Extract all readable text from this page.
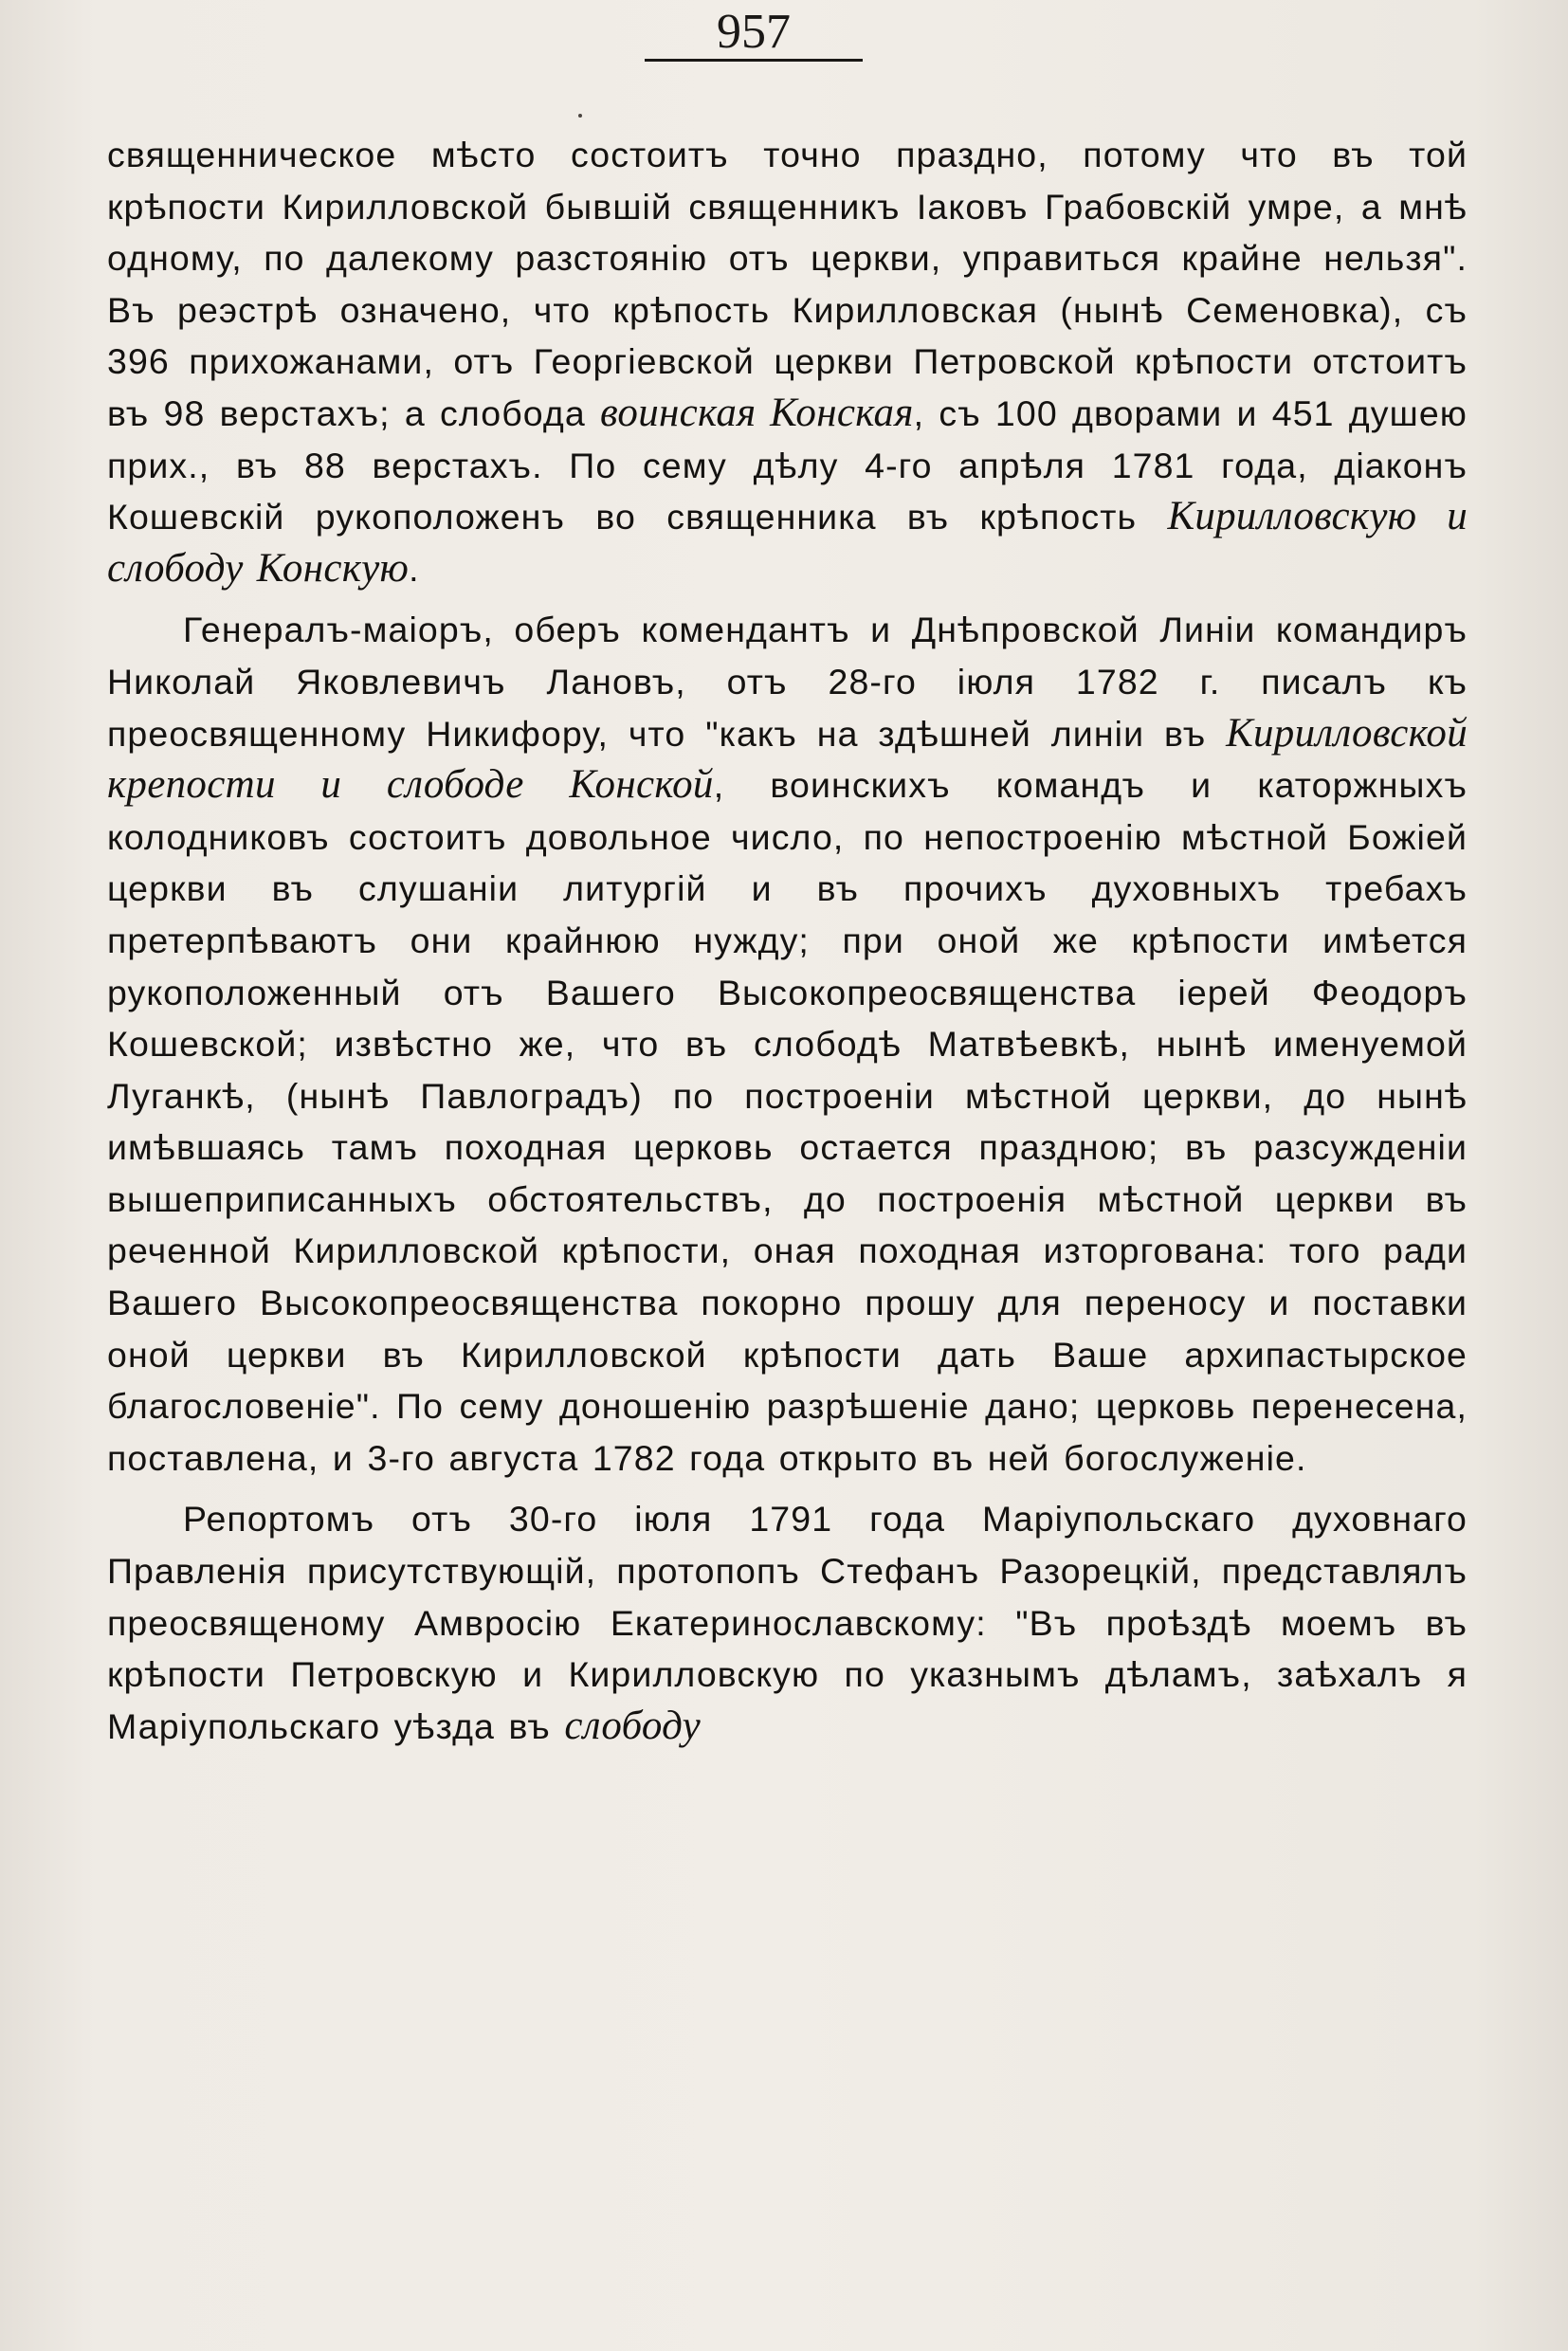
957

священническое мѣсто состоитъ точно праздно, потому что въ той крѣпости Кирилловской бывшій священникъ Іаковъ Грабовскій умре, а мнѣ одному, по далекому разстоянію отъ церкви, управиться крайне нельзя". Въ реэстрѣ означено, что крѣпость Кирилловская (нынѣ Семеновка), съ 396 прихожанами, отъ Георгіевской церкви Петровской крѣпости отстоитъ въ 98 верстахъ; а слобода воинская Конская, съ 100 дворами и 451 душею прих., въ 88 верстахъ. По сему дѣлу 4-го апрѣля 1781 года, діаконъ Кошевскій рукоположенъ во священника въ крѣпость Кирилловскую и слободу Конскую.

Генералъ-маіоръ, оберъ комендантъ и Днѣпровской Линіи командиръ Николай Яковлевичъ Лановъ, отъ 28-го іюля 1782 г. писалъ къ преосвященному Никифору, что "какъ на здѣшней линіи въ Кирилловской крепости и слободе Конской, воинскихъ командъ и каторжныхъ колодниковъ состоитъ довольное число, по непостроенію мѣстной Божіей церкви въ слушаніи литургій и въ прочихъ духовныхъ требахъ претерпѣваютъ они крайнюю нужду; при оной же крѣпости имѣется рукоположенный отъ Вашего Высокопреосвященства іерей Феодоръ Кошевской; извѣстно же, что въ слободѣ Матвѣевкѣ, нынѣ именуемой Луганкѣ, (нынѣ Павлоградъ) по построеніи мѣстной церкви, до нынѣ имѣвшаясь тамъ походная церковь остается праздною; въ разсужденіи вышеприписанныхъ обстоятельствъ, до построенія мѣстной церкви въ реченной Кирилловской крѣпости, оная походная изторгована: того ради Вашего Высокопреосвященства покорно прошу для переносу и поставки оной церкви въ Кирилловской крѣпости дать Ваше архипастырское благословеніе". По сему доношенію разрѣшеніе дано; церковь перенесена, поставлена, и 3-го августа 1782 года открыто въ ней богослуженіе.

Репортомъ отъ 30-го іюля 1791 года Маріупольскаго духовнаго Правленія присутствующій, протопопъ Стефанъ Разорецкій, представлялъ преосвященому Амвросію Екатеринославскому: "Въ проѣздѣ моемъ въ крѣпости Петровскую и Кирилловскую по указнымъ дѣламъ, заѣхалъ я Маріупольскаго уѣзда въ слободу
